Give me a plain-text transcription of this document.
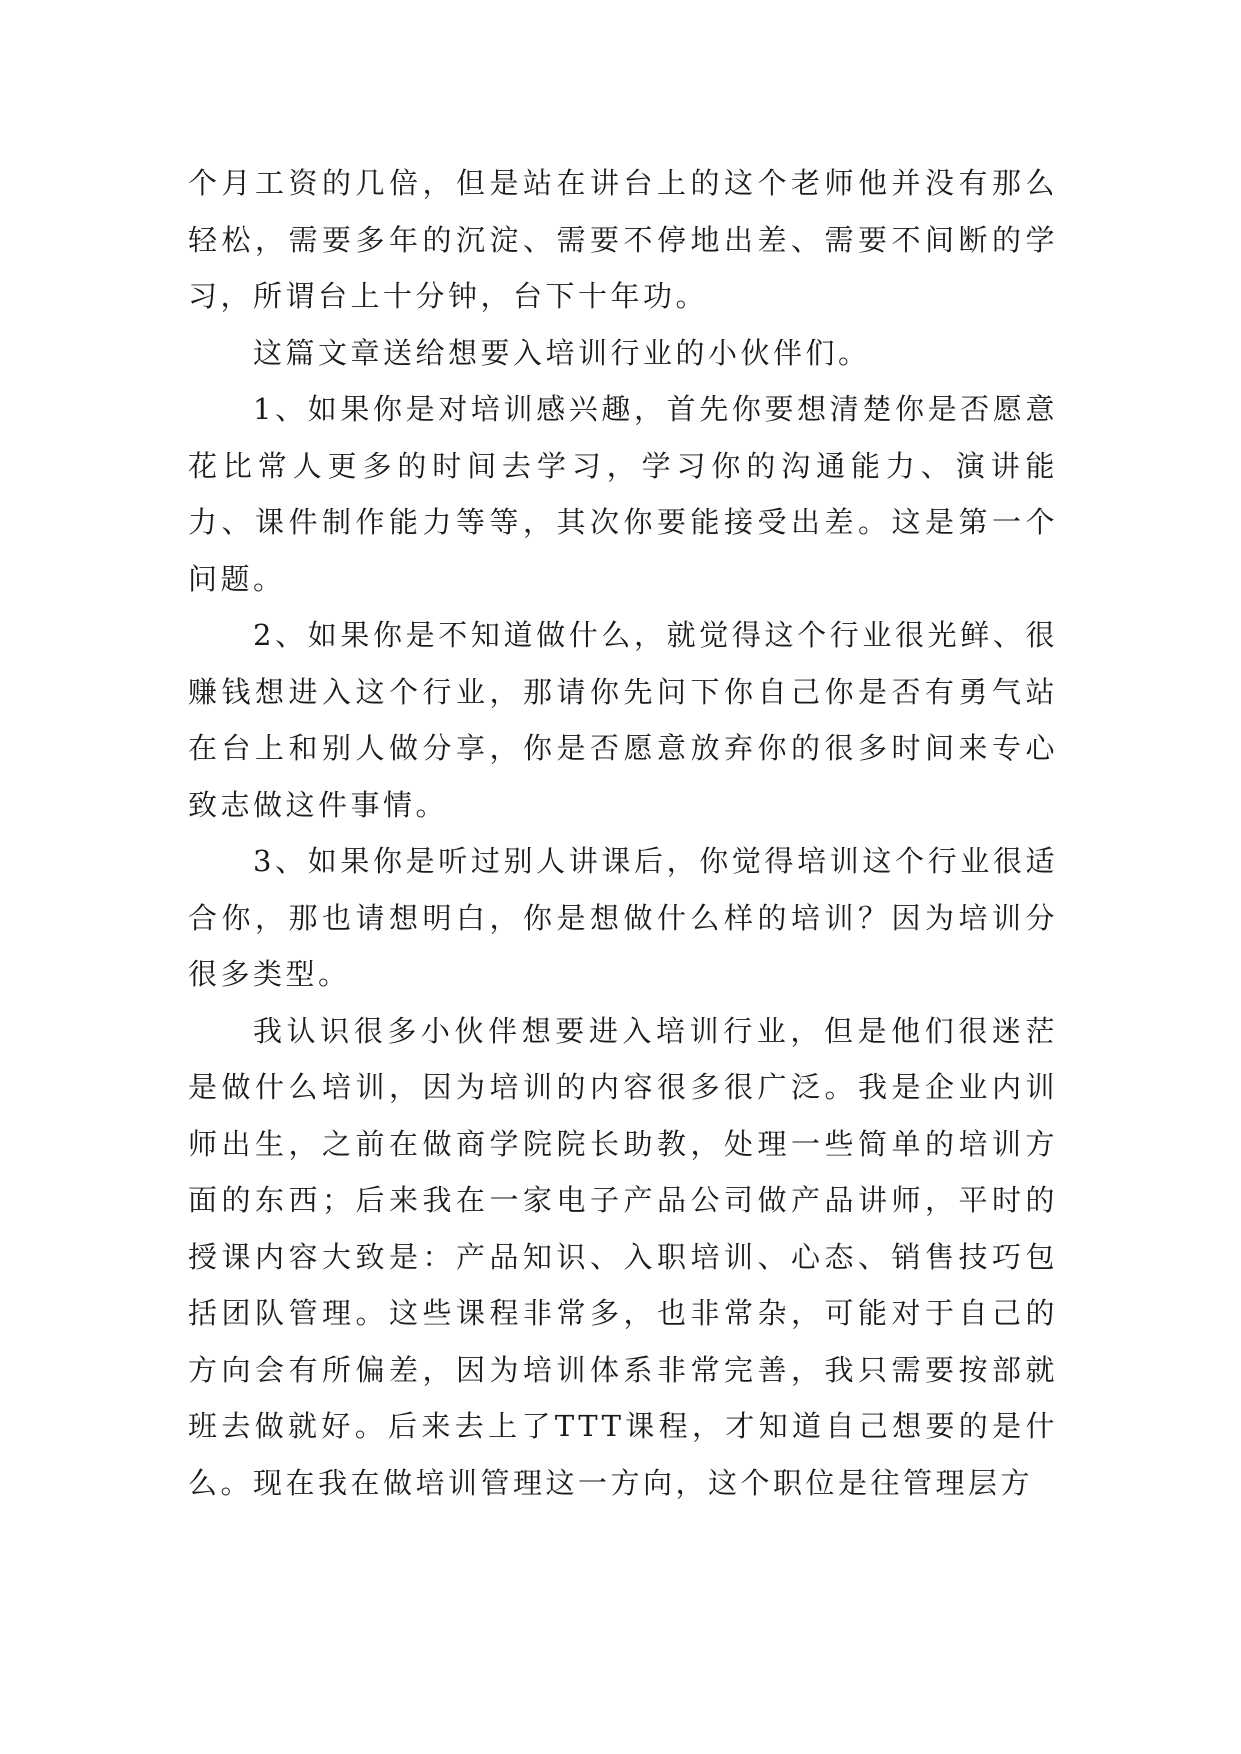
个月工资的几倍，但是站在讲台上的这个老师他并没有那么轻松，需要多年的沉淀、需要不停地出差、需要不间断的学习，所谓台上十分钟，台下十年功。

这篇文章送给想要入培训行业的小伙伴们。

1、如果你是对培训感兴趣，首先你要想清楚你是否愿意花比常人更多的时间去学习，学习你的沟通能力、演讲能力、课件制作能力等等，其次你要能接受出差。这是第一个问题。

2、如果你是不知道做什么，就觉得这个行业很光鲜、很赚钱想进入这个行业，那请你先问下你自己你是否有勇气站在台上和别人做分享，你是否愿意放弃你的很多时间来专心致志做这件事情。

3、如果你是听过别人讲课后，你觉得培训这个行业很适合你，那也请想明白，你是想做什么样的培训？因为培训分很多类型。

我认识很多小伙伴想要进入培训行业，但是他们很迷茫是做什么培训，因为培训的内容很多很广泛。我是企业内训师出生，之前在做商学院院长助教，处理一些简单的培训方面的东西；后来我在一家电子产品公司做产品讲师，平时的授课内容大致是：产品知识、入职培训、心态、销售技巧包括团队管理。这些课程非常多，也非常杂，可能对于自己的方向会有所偏差，因为培训体系非常完善，我只需要按部就班去做就好。后来去上了TTT课程，才知道自己想要的是什么。现在我在做培训管理这一方向，这个职位是往管理层方
